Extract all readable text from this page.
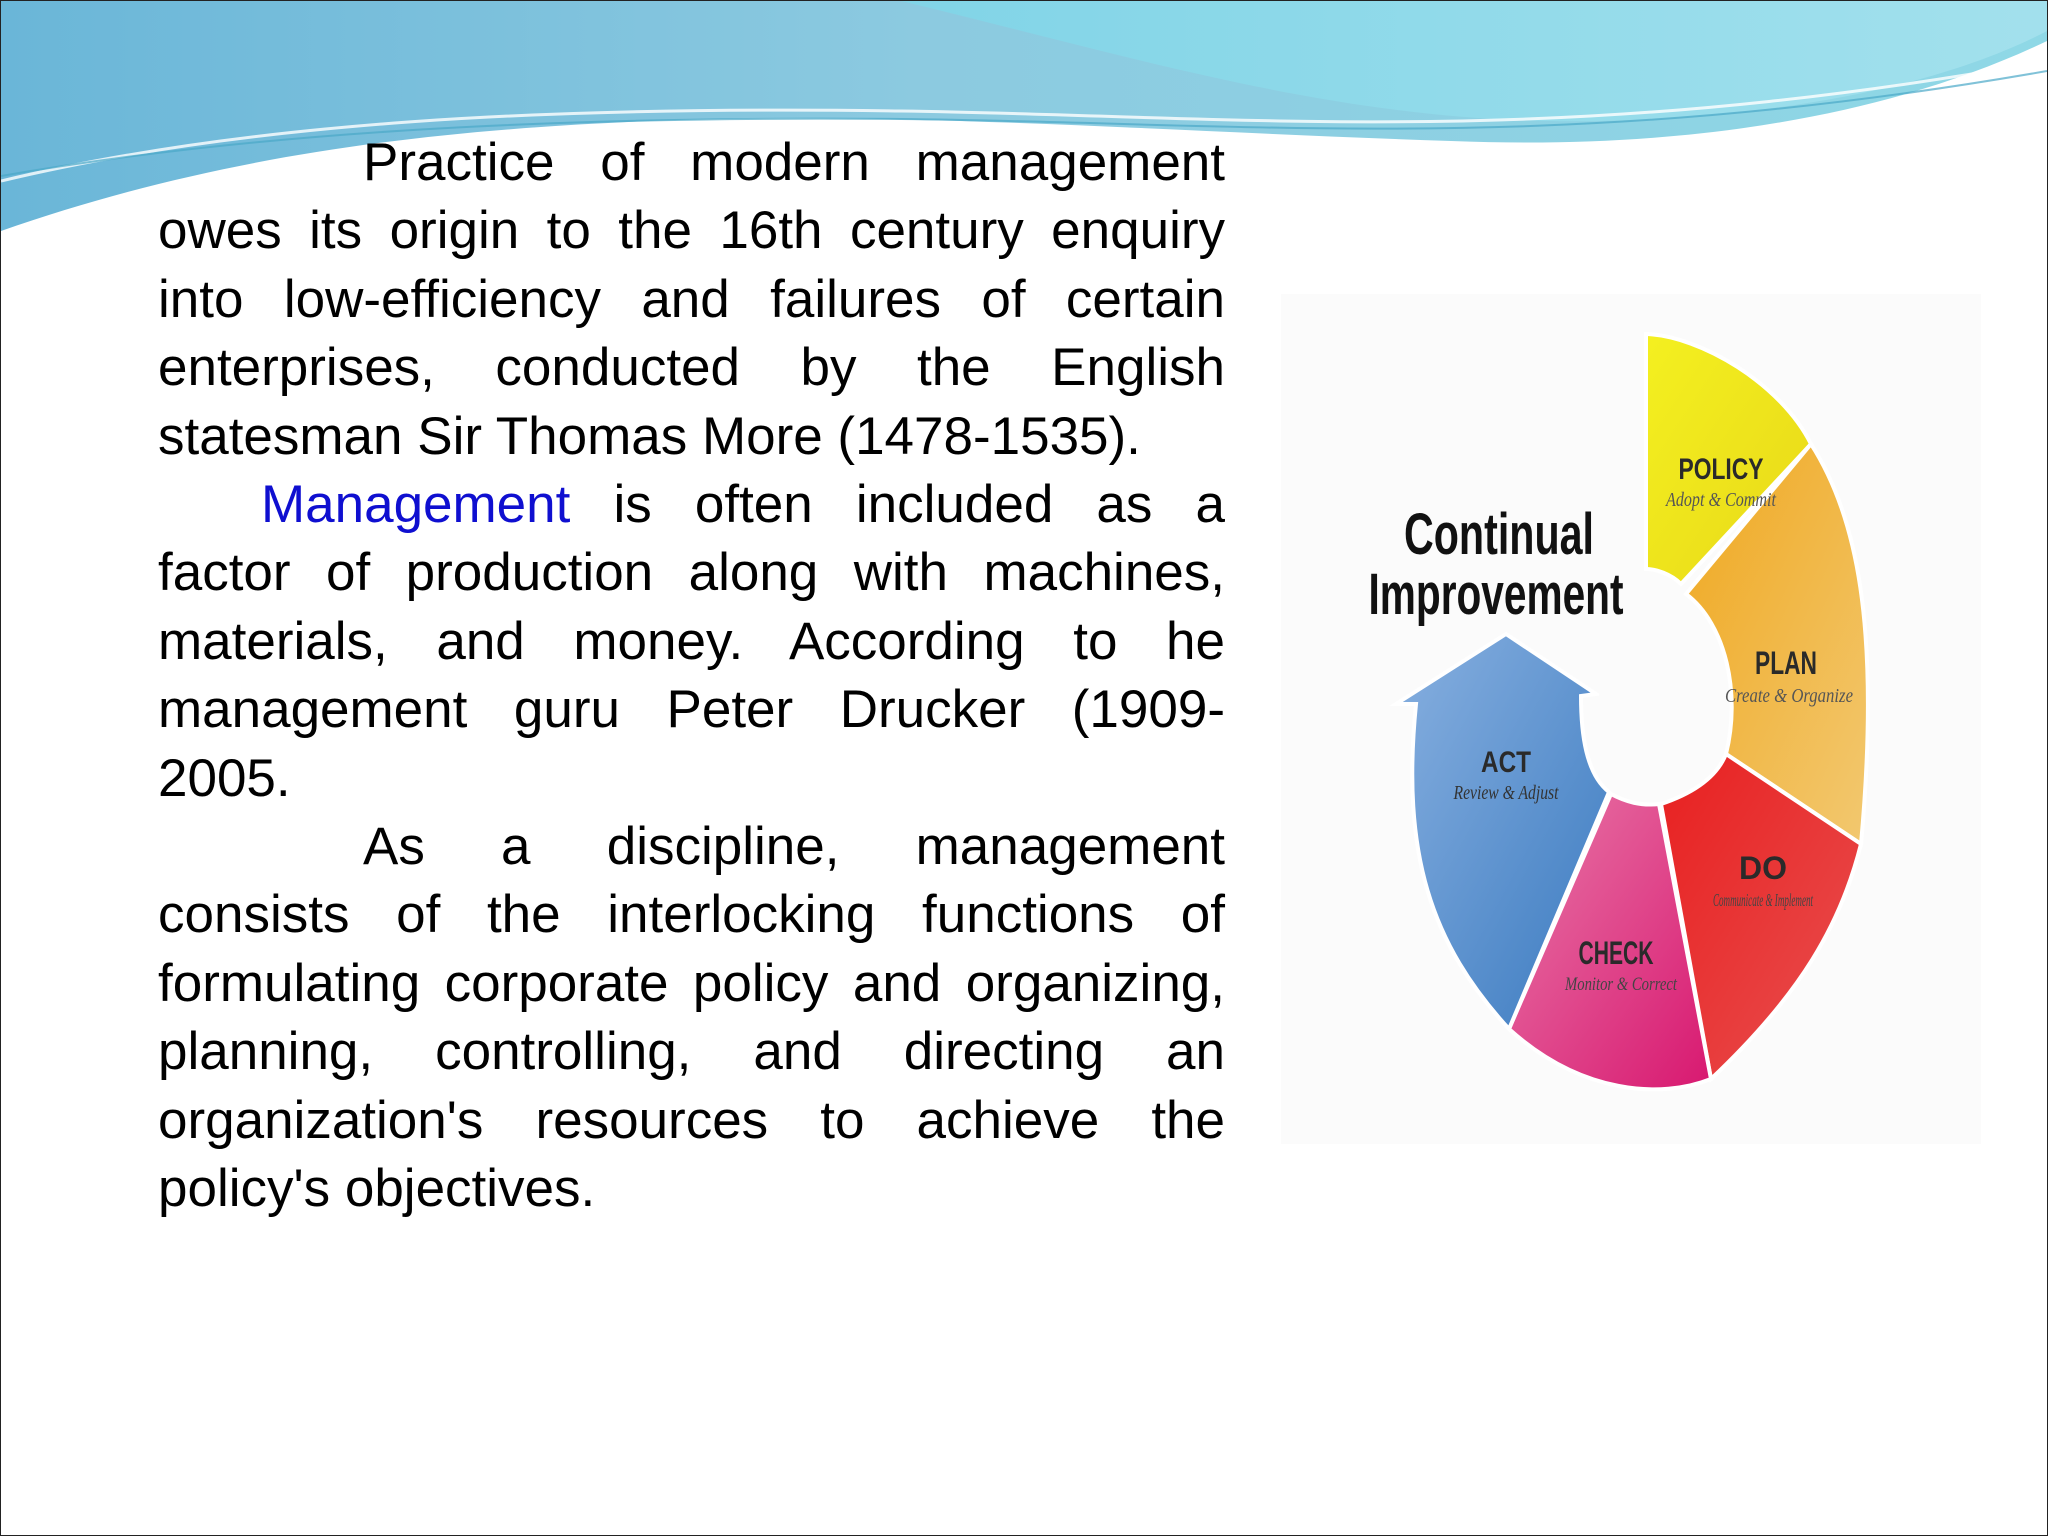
Practice of modern management owes its origin to the 16th century enquiry into low-efficiency and failures of certain enterprises, conducted by the English statesman Sir Thomas More (1478-1535).

Management is often included as a factor of production along with machines, materials, and money. According to he management guru Peter Drucker (1909-2005.

As a discipline, management consists of the interlocking functions of formulating corporate policy and organizing, planning, controlling, and directing an organization's resources to achieve the policy's objectives.

Continual
Improvement
POLICY
Adopt & Commit
PLAN
Create & Organize
DO
Communicate & Implement
CHECK
Monitor & Correct
ACT
Review & Adjust
